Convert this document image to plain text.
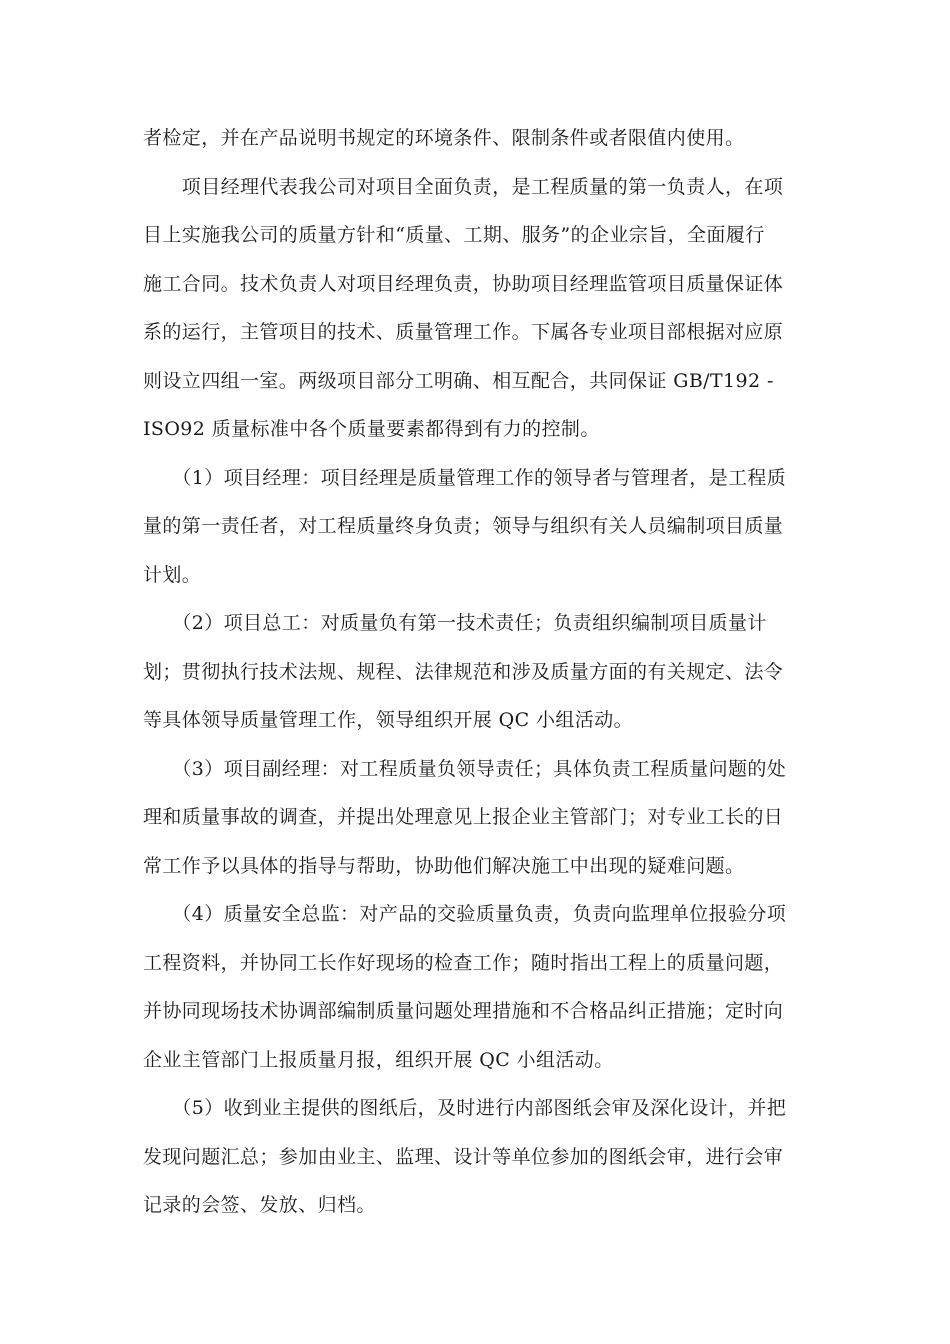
者检定，并在产品说明书规定的环境条件、限制条件或者限值内使用。
　　项目经理代表我公司对项目全面负责，是工程质量的第一负责人，在项
目上实施我公司的质量方针和“质量、工期、服务”的企业宗旨，全面履行
施工合同。技术负责人对项目经理负责，协助项目经理监管项目质量保证体
系的运行，主管项目的技术、质量管理工作。下属各专业项目部根据对应原
则设立四组一室。两级项目部分工明确、相互配合，共同保证 GB/T192 -
ISO92 质量标准中各个质量要素都得到有力的控制。
　　（1）项目经理：项目经理是质量管理工作的领导者与管理者，是工程质
量的第一责任者，对工程质量终身负责；领导与组织有关人员编制项目质量
计划。
　　（2）项目总工：对质量负有第一技术责任；负责组织编制项目质量计
划；贯彻执行技术法规、规程、法律规范和涉及质量方面的有关规定、法令
等具体领导质量管理工作，领导组织开展 QC 小组活动。
　　（3）项目副经理：对工程质量负领导责任；具体负责工程质量问题的处
理和质量事故的调查，并提出处理意见上报企业主管部门；对专业工长的日
常工作予以具体的指导与帮助，协助他们解决施工中出现的疑难问题。
　　（4）质量安全总监：对产品的交验质量负责，负责向监理单位报验分项
工程资料，并协同工长作好现场的检查工作；随时指出工程上的质量问题，
并协同现场技术协调部编制质量问题处理措施和不合格品纠正措施；定时向
企业主管部门上报质量月报，组织开展 QC 小组活动。
　　（5）收到业主提供的图纸后，及时进行内部图纸会审及深化设计，并把
发现问题汇总；参加由业主、监理、设计等单位参加的图纸会审，进行会审
记录的会签、发放、归档。
